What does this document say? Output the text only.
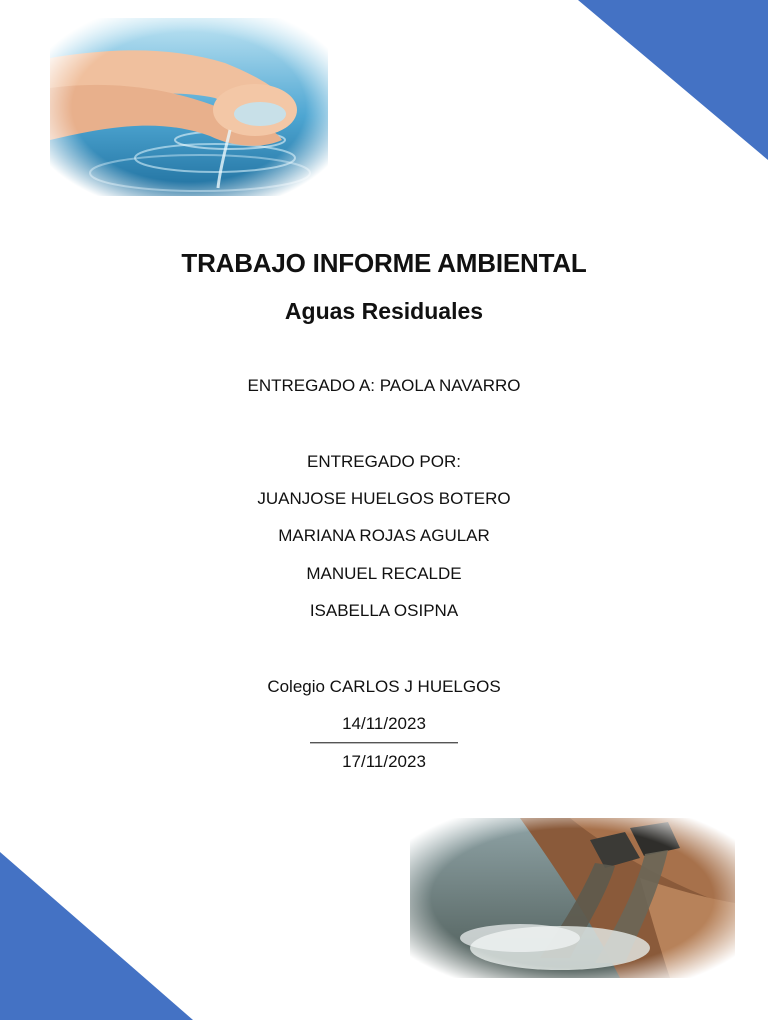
TRABAJO INFORME AMBIENTAL
Aguas Residuales
ENTREGADO A: PAOLA NAVARRO
ENTREGADO POR:
JUANJOSE HUELGOS BOTERO
MARIANA ROJAS AGULAR
MANUEL RECALDE
ISABELLA OSIPNA
Colegio CARLOS J HUELGOS
14/11/2023
17/11/2023
